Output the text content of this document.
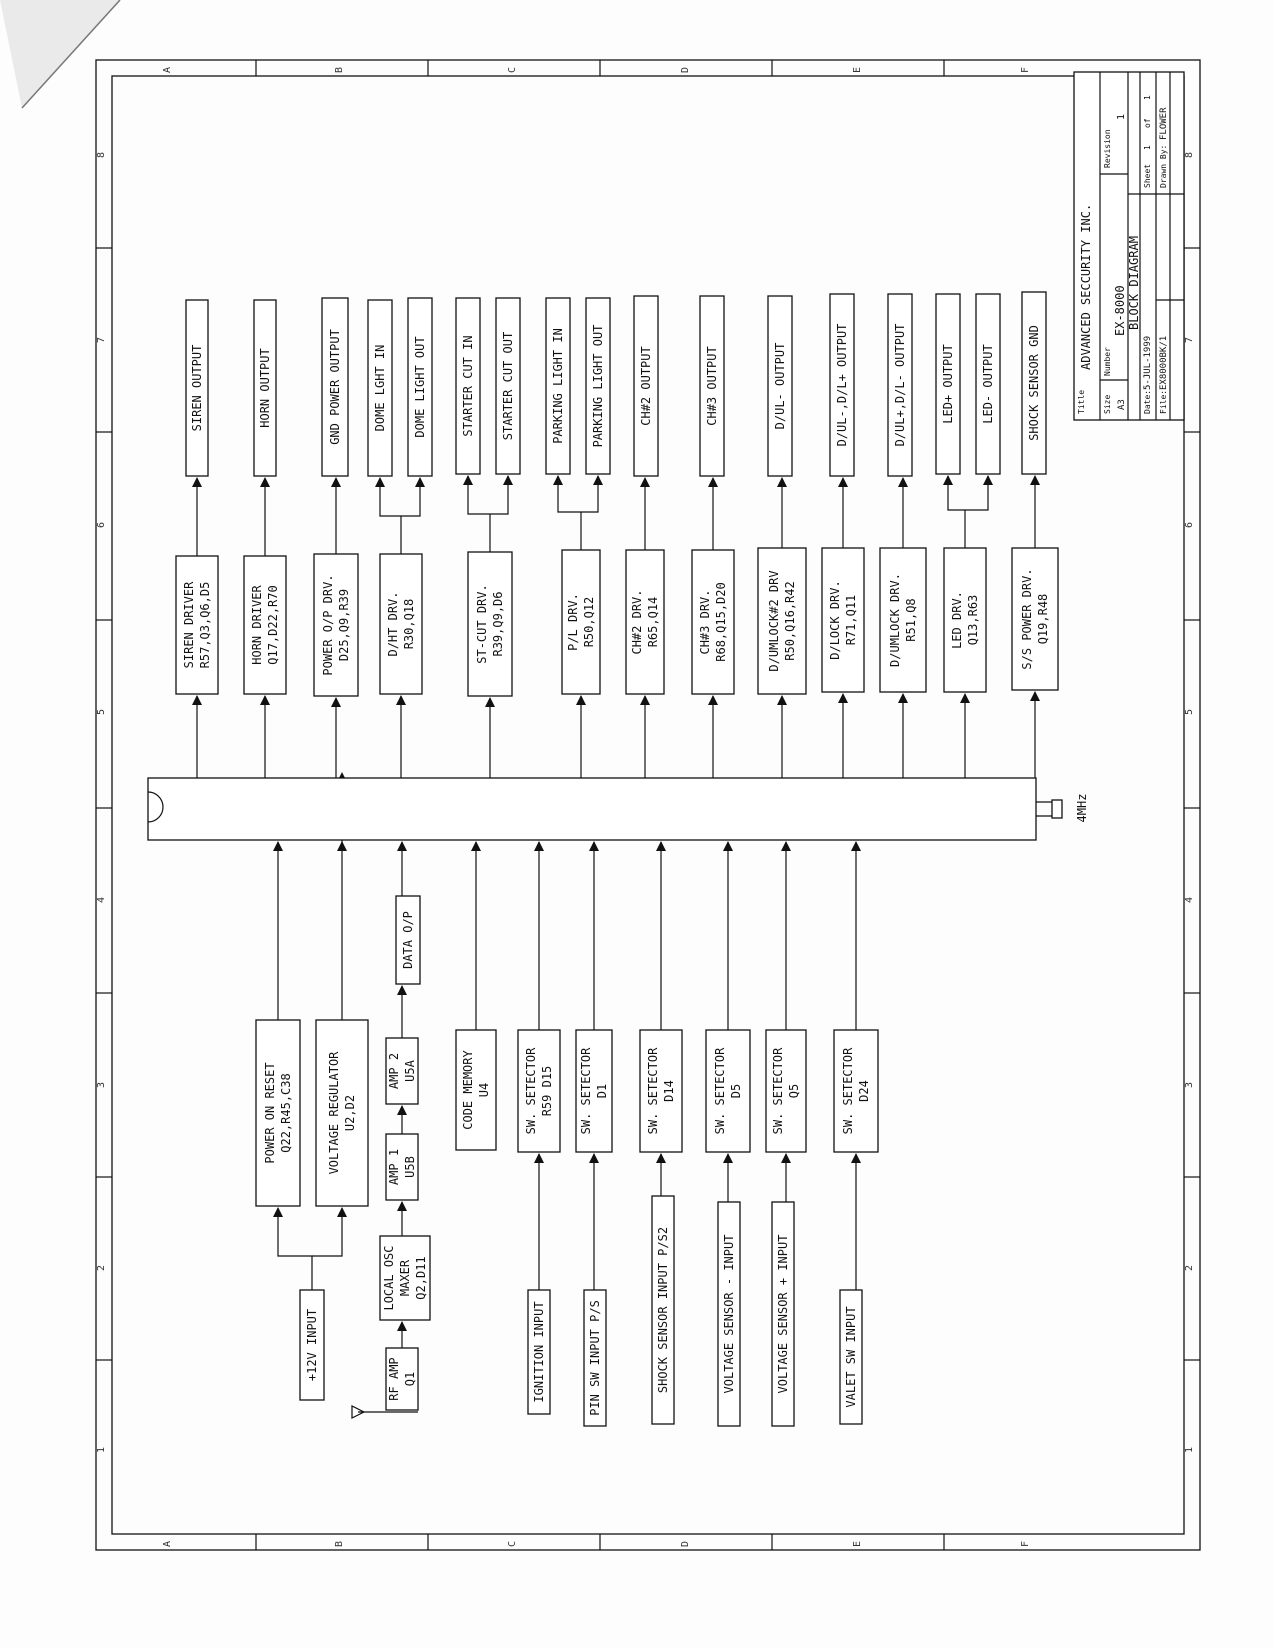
A
A
B
B
C
C
D
D
E
E
F
F
1	1
2	2
3	3
4	4
5	5
6	6
7	7
8	8
4MHz
RF AMP Q1
LOCAL OSC MAXER Q2,D11
AMP 1 U5B
AMP 2 U5A
DATA O/P
POWER ON RESET Q22,R45,C38	VOLTAGE REGULATOR U2,D2
+12V INPUT
CODE MEMORY U4	SW. SETECTOR R59 D15
IGNITION INPUT
SW. SETECTOR D1
PIN SW INPUT P/S
SW. SETECTOR D14
SHOCK SENSOR INPUT P/S2
SW. SETECTOR D5
VOLTAGE SENSOR - INPUT
SW. SETECTOR Q5
VOLTAGE SENSOR + INPUT
SW. SETECTOR D24
VALET SW INPUT
SIREN DRIVER R57,Q3,Q6,D5	HORN DRIVER Q17,D22,R70	POWER O/P DRV. D25,Q9,R39	D/HT DRV. R30,Q18	ST-CUT DRV. R39,Q9,D6	P/L DRV. R50,Q12	CH#2 DRV. R65,Q14	CH#3 DRV. R68,Q15,D20	D/UMLOCK#2 DRV R50,Q16,R42	D/LOCK DRV. R71,Q11	D/UMLOCK DRV. R51,Q8	LED DRV. Q13,R63	S/S POWER DRV. Q19,R48
SIREN OUTPUT	HORN OUTPUT	GND POWER OUTPUT	DOME LGHT IN DOME LIGHT OUT	STARTER CUT IN STARTER CUT OUT	PARKING LIGHT IN PARKING LIGHT OUT	CH#2 OUTPUT	CH#3 OUTPUT	D/UL- OUTPUT	D/UL-,D/L+ OUTPUT	D/UL+,D/L- OUTPUT	LED+ OUTPUT LED- OUTPUT	SHOCK SENSOR GND	Title
ADVANCED SECCURITY INC.
Size A3
Number
EX-8000
Revision
1
BLOCK DIAGRAM
Date:
5-JUL-1999
Sheet
1
of
1
File:
EX8000BK/1
Drawn By:
FLOWER
